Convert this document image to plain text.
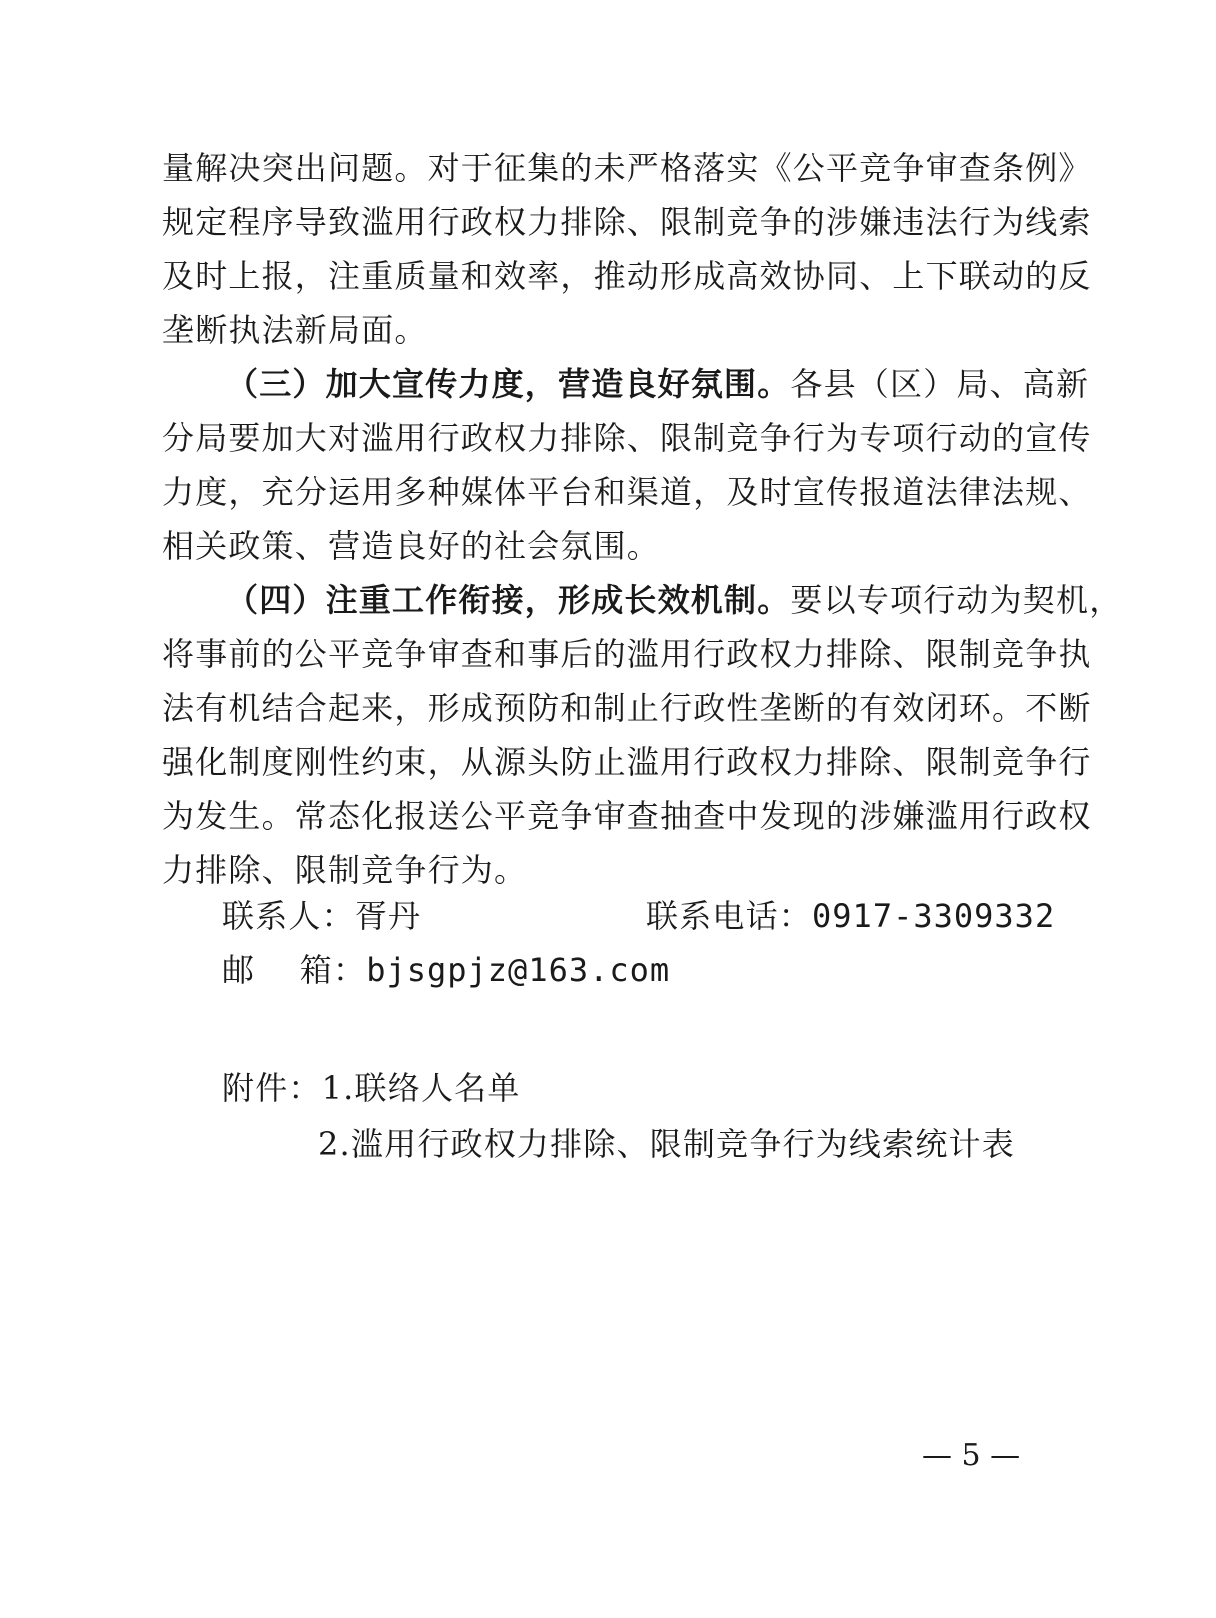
量解决突出问题。对于征集的未严格落实《公平竞争审查条例》
规定程序导致滥用行政权力排除、限制竞争的涉嫌违法行为线索
及时上报，注重质量和效率，推动形成高效协同、上下联动的反
垄断执法新局面。
（三）加大宣传力度，营造良好氛围。各县（区）局、高新
分局要加大对滥用行政权力排除、限制竞争行为专项行动的宣传
力度，充分运用多种媒体平台和渠道，及时宣传报道法律法规、
相关政策、营造良好的社会氛围。
（四）注重工作衔接，形成长效机制。要以专项行动为契机，
将事前的公平竞争审查和事后的滥用行政权力排除、限制竞争执
法有机结合起来，形成预防和制止行政性垄断的有效闭环。不断
强化制度刚性约束，从源头防止滥用行政权力排除、限制竞争行
为发生。常态化报送公平竞争审查抽查中发现的涉嫌滥用行政权
力排除、限制竞争行为。
联系人：胥丹	联系电话：0917-3309332
邮　 箱：bjsgpjz@163.com
附件：1.联络人名单
2.滥用行政权力排除、限制竞争行为线索统计表
— 5 —
